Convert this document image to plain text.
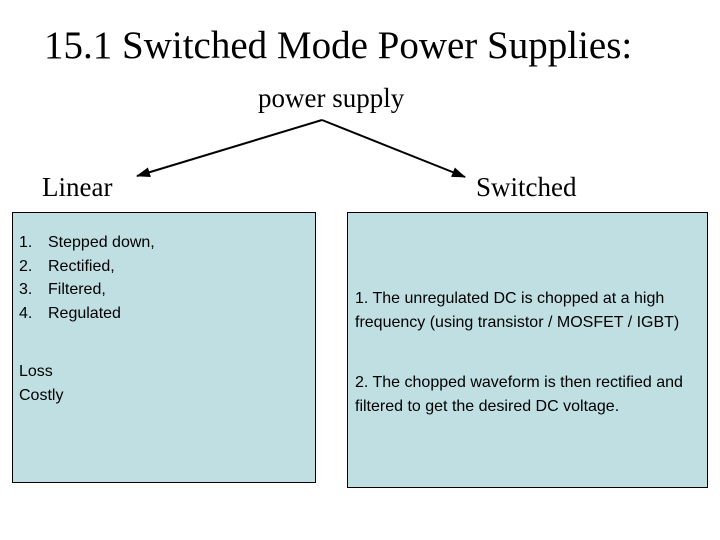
15.1 Switched Mode Power Supplies:
power supply
Linear	Switched
1. Stepped down,
2. Rectified,
3. Filtered,
4. Regulated
Loss
Costly
1. The unregulated DC is chopped at a high frequency (using transistor / MOSFET / IGBT)
2. The chopped waveform is then rectified and filtered to get the desired DC voltage.
